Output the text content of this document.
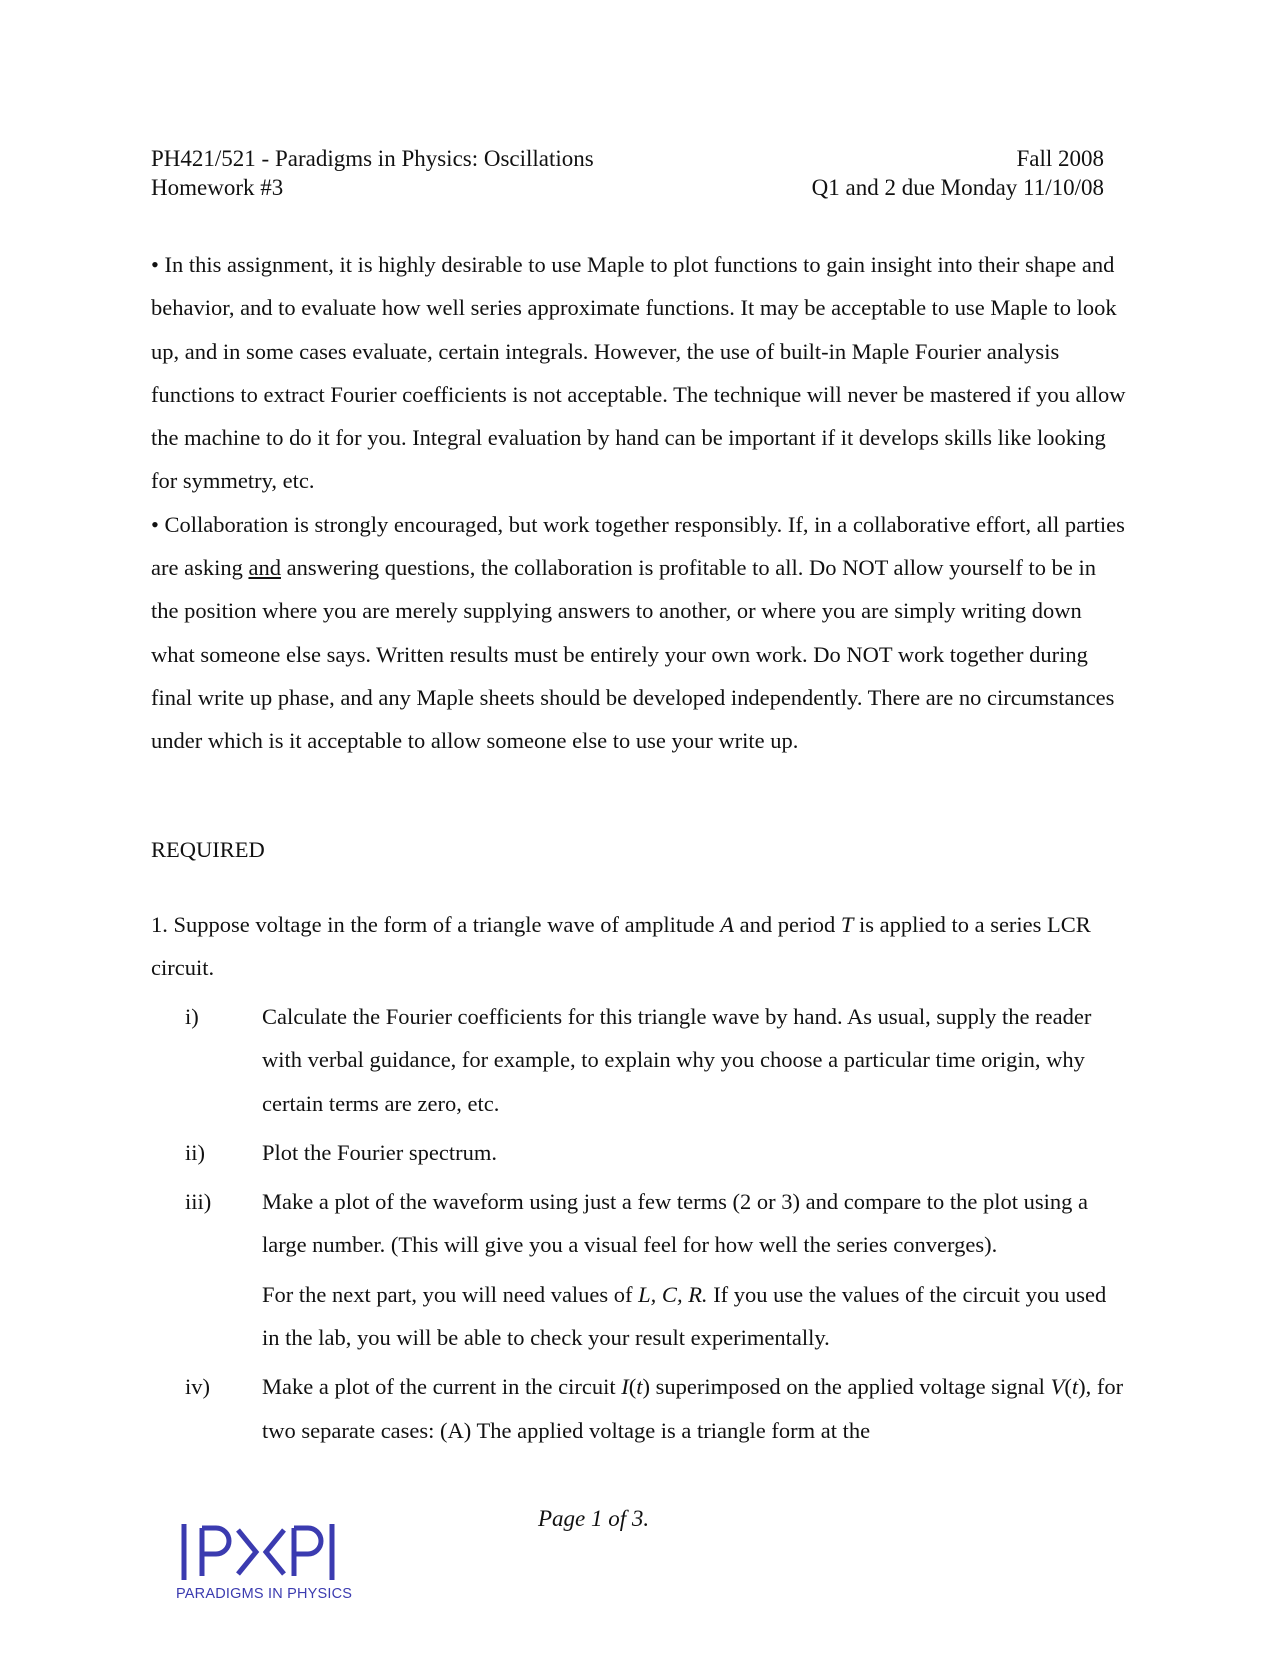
PH421/521 - Paradigms in Physics: Oscillations	Fall 2008
Homework #3	Q1 and 2 due Monday 11/10/08

• In this assignment, it is highly desirable to use Maple to plot functions to gain insight into their shape and behavior, and to evaluate how well series approximate functions. It may be acceptable to use Maple to look up, and in some cases evaluate, certain integrals. However, the use of built-in Maple Fourier analysis functions to extract Fourier coefficients is not acceptable. The technique will never be mastered if you allow the machine to do it for you. Integral evaluation by hand can be important if it develops skills like looking for symmetry, etc.

• Collaboration is strongly encouraged, but work together responsibly. If, in a collaborative effort, all parties are asking and answering questions, the collaboration is profitable to all. Do NOT allow yourself to be in the position where you are merely supplying answers to another, or where you are simply writing down what someone else says. Written results must be entirely your own work. Do NOT work together during final write up phase, and any Maple sheets should be developed independently. There are no circumstances under which is it acceptable to allow someone else to use your write up.

REQUIRED
1. Suppose voltage in the form of a triangle wave of amplitude A and period T is applied to a series LCR circuit.
i)	Calculate the Fourier coefficients for this triangle wave by hand. As usual, supply the reader with verbal guidance, for example, to explain why you choose a particular time origin, why certain terms are zero, etc.
ii)	Plot the Fourier spectrum.
iii)	Make a plot of the waveform using just a few terms (2 or 3) and compare to the plot using a large number. (This will give you a visual feel for how well the series converges).
For the next part, you will need values of L, C, R. If you use the values of the circuit you used in the lab, you will be able to check your result experimentally.
iv)	Make a plot of the current in the circuit I(t) superimposed on the applied voltage signal V(t), for two separate cases: (A) The applied voltage is a triangle form at the
Page 1 of 3.
PARADIGMS IN PHYSICS
